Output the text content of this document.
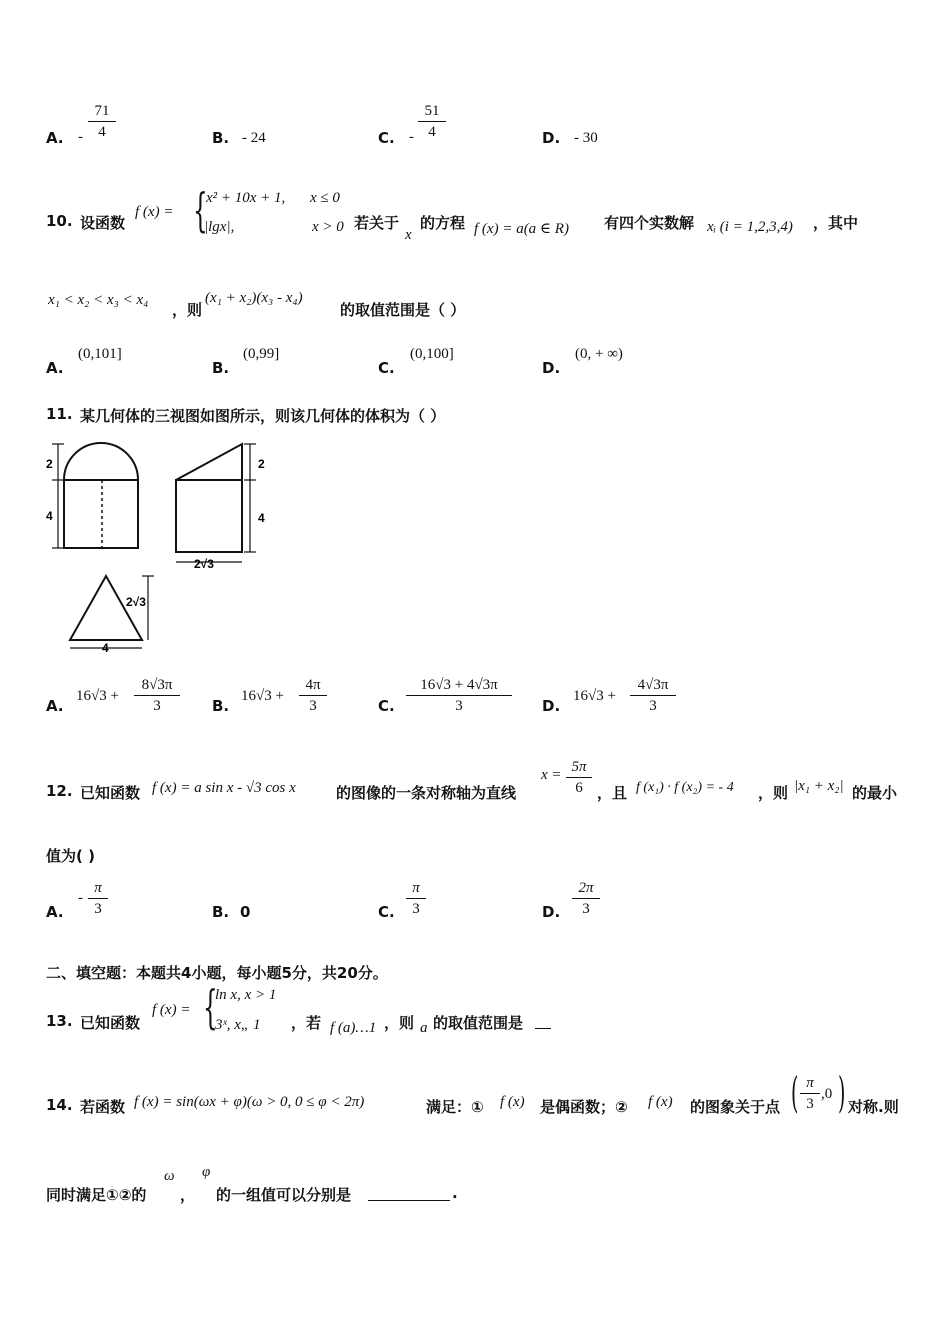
A. - $\frac{71}{4}$	B. - 24	C. - $\frac{51}{4}$	D. - 30
10. 设函数
f (x) = {
x² + 10x + 1, x ≤ 0
|lgx|,	x > 0 若关于
x
的方程 f (x) = a(a ∈ R) 有四个实数解 xᵢ (i = 1,2,3,4) ，其中
x₁ < x₂ < x₃ < x₄
，则
(x₁ + x₂)(x₃ - x₄)
的取值范围是（ ）
A.
(0,101]
B.
(0,99]
C.
(0,100]
D.
(0, + ∞)
11. 某几何体的三视图如图所示，则该几何体的体积为（ ）
2
4
2
4
2√3
2√3
4
A.
$16√3 + \frac{8√3\pi}{3} B$.
$16√3 + \frac{4\pi}{3}$	C. $\frac{16√3 + 4√3\pi}{3} D$.
$16√3 + \frac{4√3\pi}{3}$
12. 已知函数 f (x) = a sin x - √3 cos x	的图像的一条对称轴为直线
$x = \frac{5\pi}{6}$ ，且 f (x₁) · f (x₂) = - 4 ，则 |x₁ + x₂| 的最小
值为( )
A.
- $\frac{\pi}{3}$	B. 0	C. $\frac{\pi}{3}$	D. $\frac{2\pi}{3}$
二、填空题：本题共4小题，每小题5分，共20分。
13. 已知函数
f (x) = {
ln x, x > 1
3ˣ, x„ 1 ，若 f (a)…1 ，则 a 的取值范围是
14. 若函数 f (x) = sin(ωx + φ)(ω > 0, 0 ≤ φ < 2π)	满足：① f (x) 是偶函数；② f (x) 的图象关于点 ( $\frac{\pi}{3} ,0$ ) 对称.则
同时满足①②的
ω
，
φ
的一组值可以分别是	.
